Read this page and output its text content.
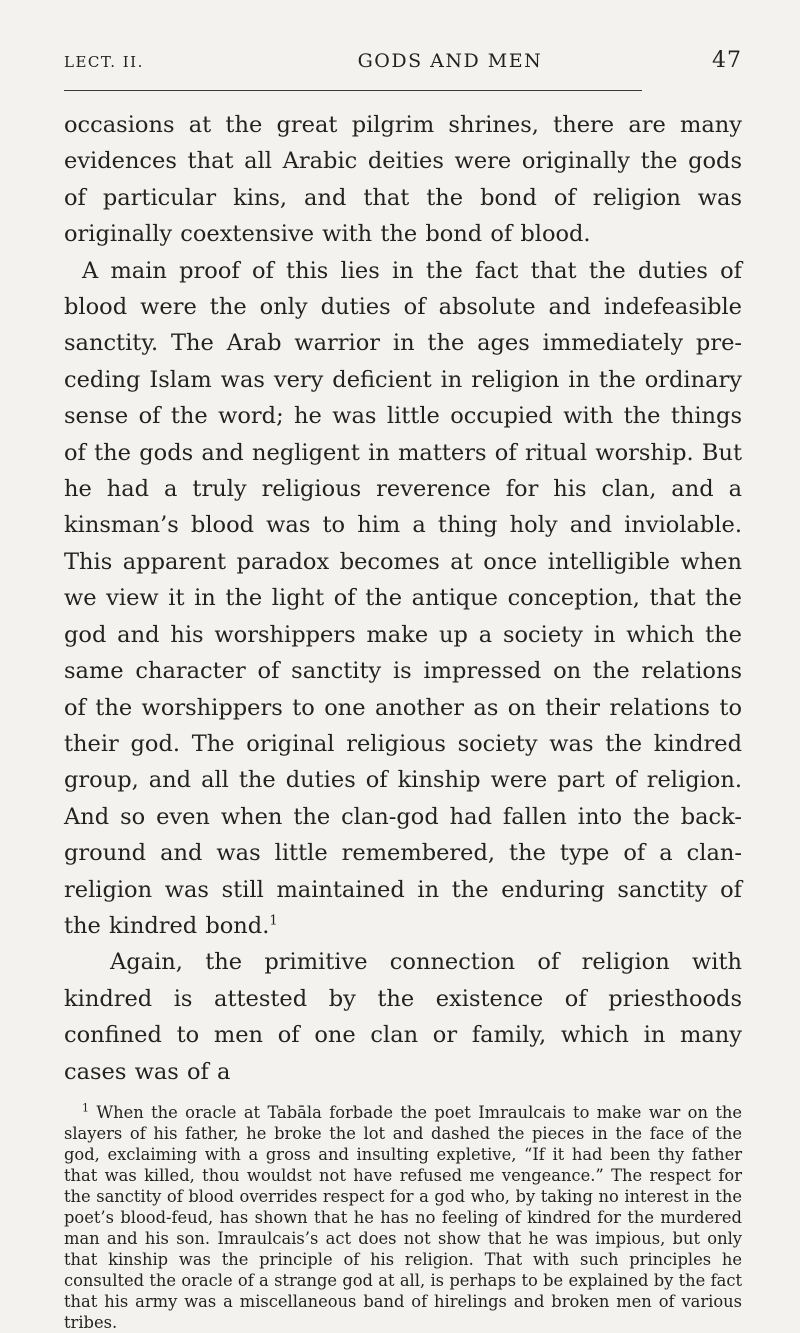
LECT. II.	GODS AND MEN	47

occasions at the great pilgrim shrines, there are many evidences that all Arabic deities were originally the gods of particular kins, and that the bond of religion was originally coextensive with the bond of blood.

A main proof of this lies in the fact that the duties of blood were the only duties of absolute and indefeasible sanctity. The Arab warrior in the ages immediately pre- ceding Islam was very deficient in religion in the ordinary sense of the word; he was little occupied with the things of the gods and negligent in matters of ritual worship. But he had a truly religious reverence for his clan, and a kinsman’s blood was to him a thing holy and inviolable. This apparent paradox becomes at once intelligible when we view it in the light of the antique conception, that the god and his worshippers make up a society in which the same character of sanctity is impressed on the relations of the worshippers to one another as on their relations to their god. The original religious society was the kindred group, and all the duties of kinship were part of religion. And so even when the clan-god had fallen into the back- ground and was little remembered, the type of a clan- religion was still maintained in the enduring sanctity of the kindred bond.$^1$

Again, the primitive connection of religion with kindred is attested by the existence of priesthoods confined to men of one clan or family, which in many cases was of a

$^1$ When the oracle at Tabāla forbade the poet Imraulcais to make war on the slayers of his father, he broke the lot and dashed the pieces in the face of the god, exclaiming with a gross and insulting expletive, “If it had been thy father that was killed, thou wouldst not have refused me vengeance.” The respect for the sanctity of blood overrides respect for a god who, by taking no interest in the poet’s blood-feud, has shown that he has no feeling of kindred for the murdered man and his son. Imraulcais’s act does not show that he was impious, but only that kinship was the principle of his religion. That with such principles he consulted the oracle of a strange god at all, is perhaps to be explained by the fact that his army was a miscellaneous band of hirelings and broken men of various tribes.
